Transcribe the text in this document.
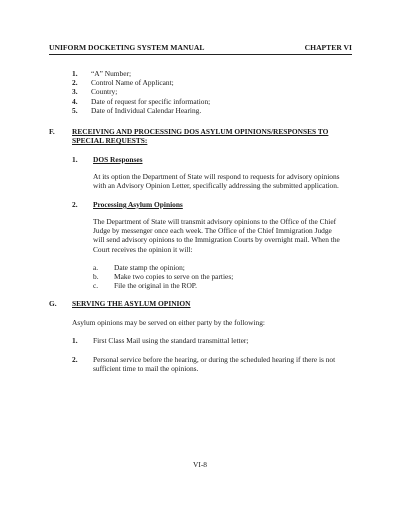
UNIFORM DOCKETING SYSTEM MANUAL	CHAPTER VI
1.	“A” Number;
2.	Control Name of Applicant;
3.	Country;
4.	Date of request for specific information;
5.	Date of Individual Calendar Hearing.
F. RECEIVING AND PROCESSING DOS ASYLUM OPINIONS/RESPONSES TO
SPECIAL REQUESTS:
1. DOS Responses
At its option the Department of State will respond to requests for advisory opinions
with an Advisory Opinion Letter, specifically addressing the submitted application.
2. Processing Asylum Opinions
The Department of State will transmit advisory opinions to the Office of the Chief
Judge by messenger once each week. The Office of the Chief Immigration Judge
will send advisory opinions to the Immigration Courts by overnight mail. When the
Court receives the opinion it will:
a.	Date stamp the opinion;
b.	Make two copies to serve on the parties;
c.	File the original in the ROP.
G. SERVING THE ASYLUM OPINION
Asylum opinions may be served on either party by the following:
1. First Class Mail using the standard transmittal letter;
2. Personal service before the hearing, or during the scheduled hearing if there is not
sufficient time to mail the opinions.
VI-8
